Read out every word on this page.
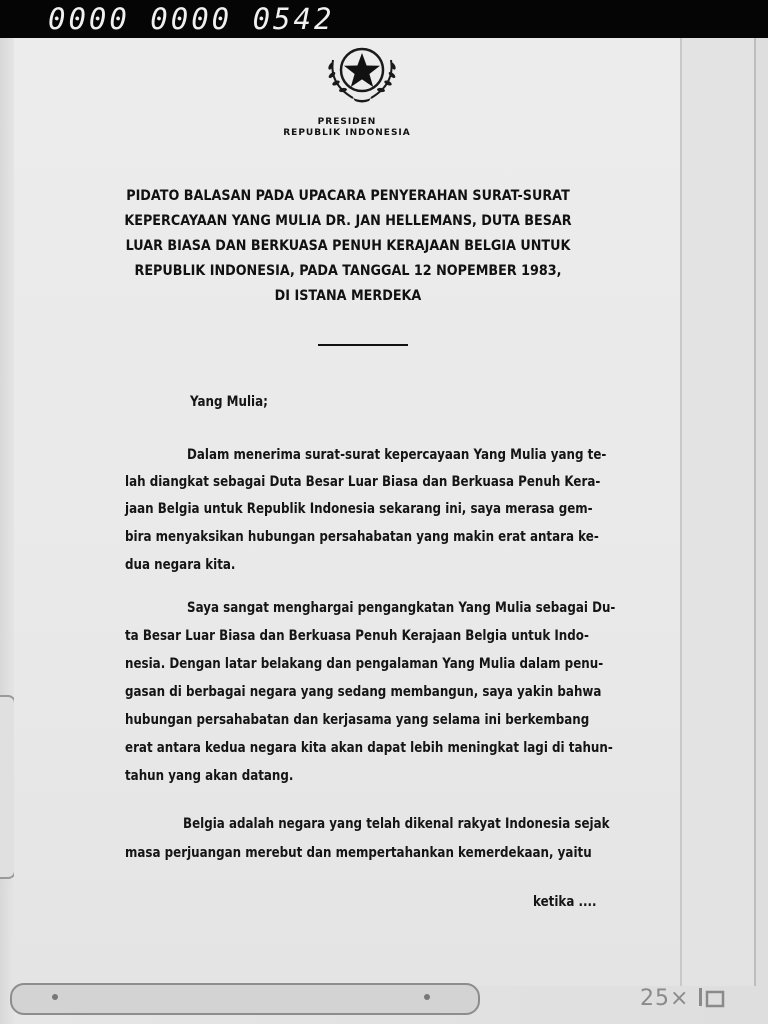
0000 0000 0542
PRESIDEN
REPUBLIK INDONESIA
PIDATO BALASAN PADA UPACARA PENYERAHAN SURAT-SURAT
KEPERCAYAAN YANG MULIA DR. JAN HELLEMANS, DUTA BESAR
LUAR BIASA DAN BERKUASA PENUH KERAJAAN BELGIA UNTUK
REPUBLIK INDONESIA, PADA TANGGAL 12 NOPEMBER 1983,
DI ISTANA MERDEKA
Yang Mulia;
Dalam menerima surat-surat kepercayaan Yang Mulia yang te-
lah diangkat sebagai Duta Besar Luar Biasa dan Berkuasa Penuh Kera-
jaan Belgia untuk Republik Indonesia sekarang ini, saya merasa gem-
bira menyaksikan hubungan persahabatan yang makin erat antara ke-
dua negara kita.
Saya sangat menghargai pengangkatan Yang Mulia sebagai Du-
ta Besar Luar Biasa dan Berkuasa Penuh Kerajaan Belgia untuk Indo-
nesia. Dengan latar belakang dan pengalaman Yang Mulia dalam penu-
gasan di berbagai negara yang sedang membangun, saya yakin bahwa
hubungan persahabatan dan kerjasama yang selama ini berkembang
erat antara kedua negara kita akan dapat lebih meningkat lagi di tahun-
tahun yang akan datang.
Belgia adalah negara yang telah dikenal rakyat Indonesia sejak
masa perjuangan merebut dan mempertahankan kemerdekaan, yaitu
ketika ....
25×
